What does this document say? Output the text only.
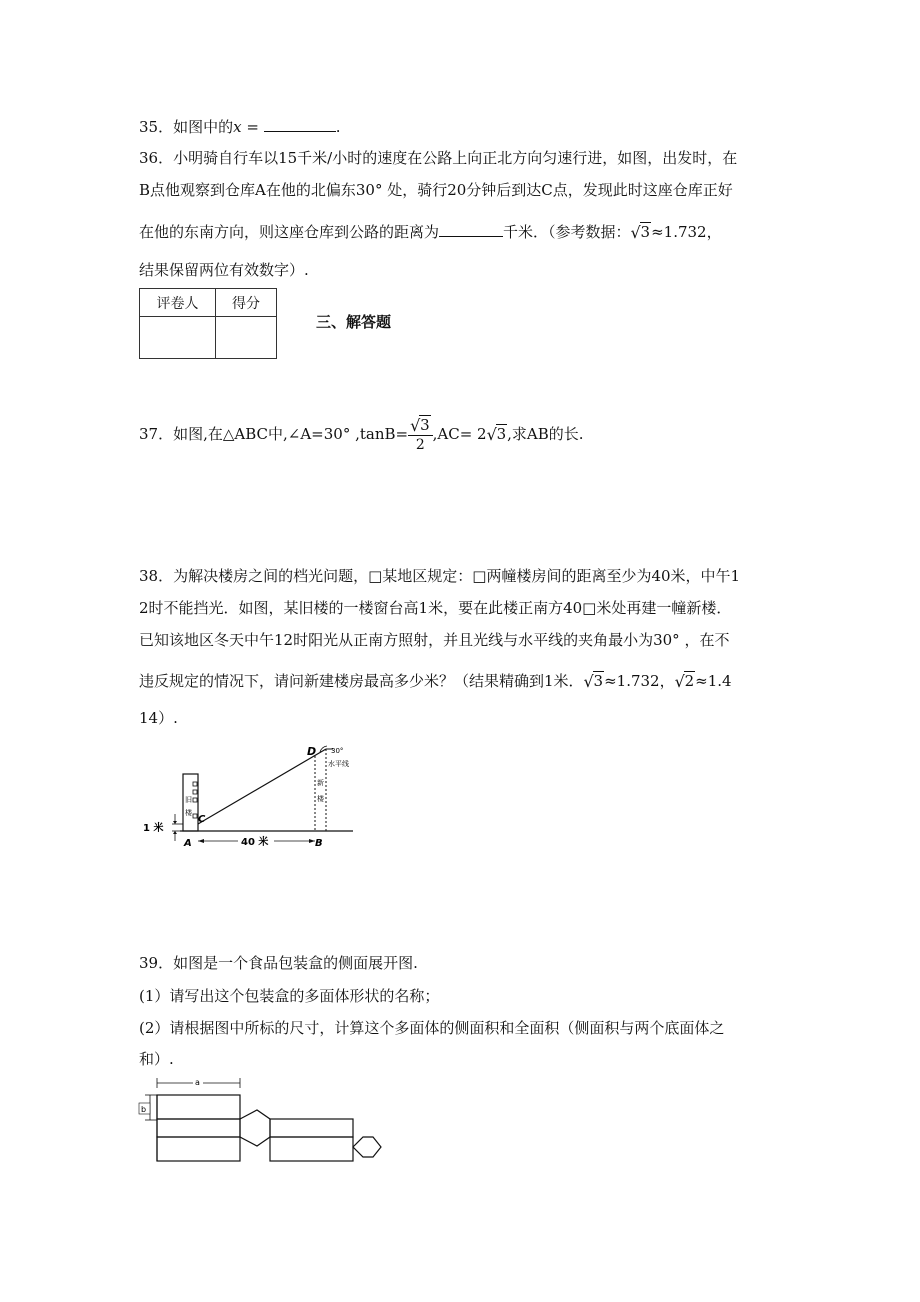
35．如图中的x =	.
36．小明骑自行车以15千米/小时的速度在公路上向正北方向匀速行进，如图，出发时，在
B点他观察到仓库A在他的北偏东30° 处，骑行20分钟后到达C点，发现此时这座仓库正好
在他的东南方向，则这座仓库到公路的距离为	千米．（参考数据： √ 3≈1.732，
结果保留两位有效数字）.
评卷人	得分

三、解答题
37．如图,在△ABC中,∠A=30° $,\tan B= \frac{√ 3}{2} ,AC= 2$ √ 3,求AB的长.
38．为解决楼房之间的档光问题，□某地区规定：□两幢楼房间的距离至少为40米，中午1
2时不能挡光．如图，某旧楼的一楼窗台高1米，要在此楼正南方40□米处再建一幢新楼．
已知该地区冬天中午12时阳光从正南方照射，并且光线与水平线的夹角最小为30° ，在不
违反规定的情况下，请问新建楼房最高多少米？（结果精确到1米． √ 3≈1.732， √ 2≈1.4
14）.
旧
楼
新
楼
D 30°
水平线
C
A	B
1 米
40 米
39．如图是一个食品包装盒的侧面展开图.
(1）请写出这个包装盒的多面体形状的名称；
(2）请根据图中所标的尺寸，计算这个多面体的侧面积和全面积（侧面积与两个底面体之
和）.
a
b
